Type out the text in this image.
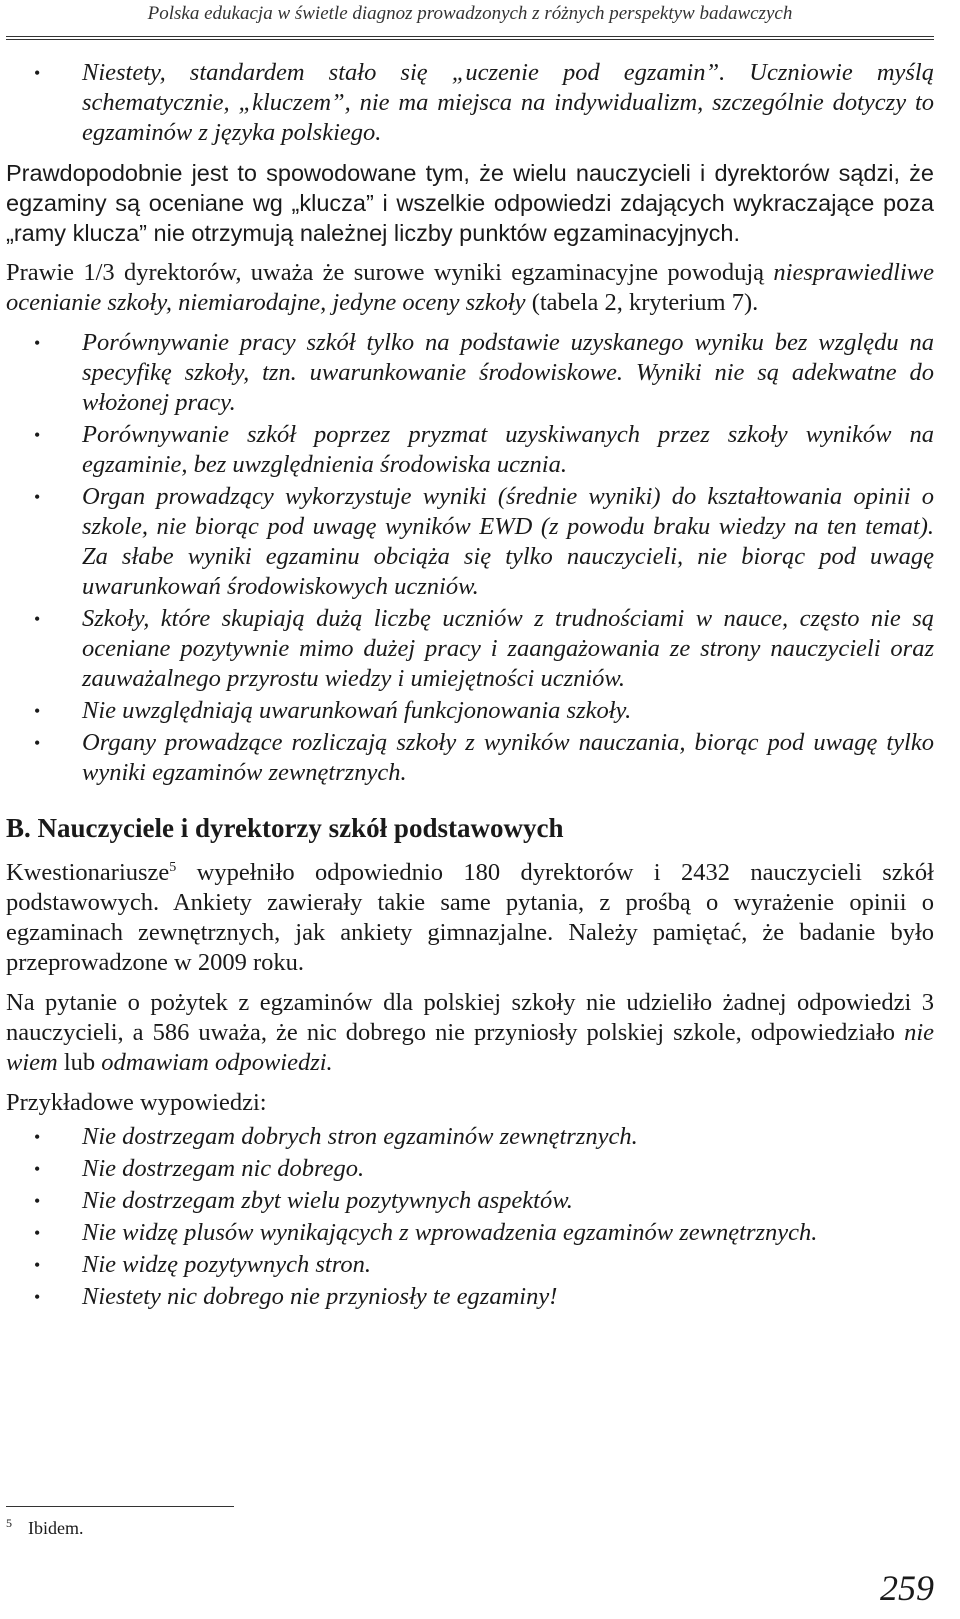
Polska edukacja w świetle diagnoz prowadzonych z różnych perspektyw badawczych
• Niestety, standardem stało się „uczenie pod egzamin”. Uczniowie myślą schematycznie, „kluczem”, nie ma miejsca na indywidualizm, szczególnie dotyczy to egzaminów z języka polskiego.

Prawdopodobnie jest to spowodowane tym, że wielu nauczycieli i dyrektorów sądzi, że egzaminy są oceniane wg „klucza” i wszelkie odpowiedzi zdających wykraczające poza „ramy klucza” nie otrzymują należnej liczby punktów egzaminacyjnych.

Prawie 1/3 dyrektorów, uważa że surowe wyniki egzaminacyjne powodują niesprawiedliwe ocenianie szkoły, niemiarodajne, jedyne oceny szkoły (tabela 2, kryterium 7).

• Porównywanie pracy szkół tylko na podstawie uzyskanego wyniku bez względu na specyfikę szkoły, tzn. uwarunkowanie środowiskowe. Wyniki nie są adekwatne do włożonej pracy.
• Porównywanie szkół poprzez pryzmat uzyskiwanych przez szkoły wyników na egzaminie, bez uwzględnienia środowiska ucznia.
• Organ prowadzący wykorzystuje wyniki (średnie wyniki) do kształtowania opinii o szkole, nie biorąc pod uwagę wyników EWD (z powodu braku wiedzy na ten temat). Za słabe wyniki egzaminu obciąża się tylko nauczycieli, nie biorąc pod uwagę uwarunkowań środowiskowych uczniów.
• Szkoły, które skupiają dużą liczbę uczniów z trudnościami w nauce, często nie są oceniane pozytywnie mimo dużej pracy i zaangażowania ze strony nauczycieli oraz zauważalnego przyrostu wiedzy i umiejętności uczniów.
• Nie uwzględniają uwarunkowań funkcjonowania szkoły.
• Organy prowadzące rozliczają szkoły z wyników nauczania, biorąc pod uwagę tylko wyniki egzaminów zewnętrznych.
B. Nauczyciele i dyrektorzy szkół podstawowych

Kwestionariusze$^5$ wypełniło odpowiednio 180 dyrektorów i 2432 nauczycieli szkół podstawowych. Ankiety zawierały takie same pytania, z prośbą o wyrażenie opinii o egzaminach zewnętrznych, jak ankiety gimnazjalne. Należy pamiętać, że badanie było przeprowadzone w 2009 roku.

Na pytanie o pożytek z egzaminów dla polskiej szkoły nie udzieliło żadnej odpowiedzi 3 nauczycieli, a 586 uważa, że nic dobrego nie przyniosły polskiej szkole, odpowiedziało nie wiem lub odmawiam odpowiedzi.

Przykładowe wypowiedzi:

• Nie dostrzegam dobrych stron egzaminów zewnętrznych.
• Nie dostrzegam nic dobrego.
• Nie dostrzegam zbyt wielu pozytywnych aspektów.
• Nie widzę plusów wynikających z wprowadzenia egzaminów zewnętrznych.
• Nie widzę pozytywnych stron.
• Niestety nic dobrego nie przyniosły te egzaminy!
$^5$ Ibidem.
259
